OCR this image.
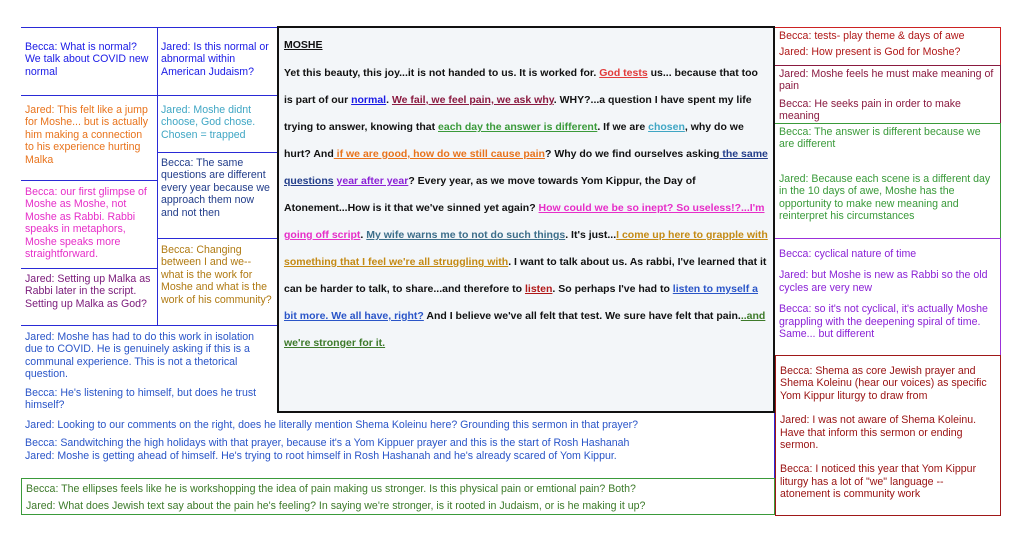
Becca: What is normal? We talk about COVID new normal
Jared: Is this normal or abnormal within American Judaism?
Jared: This felt like a jump for Moshe... but is actually him making a connection to his experience hurting Malka
Jared: Moshe didnt choose, God chose. Chosen = trapped
Becca: The same questions are different every year because we approach them now and not then
Becca: our first glimpse of Moshe as Moshe, not Moshe as Rabbi. Rabbi speaks in metaphors, Moshe speaks more straightforward.	Becca: Changing between I and we-- what is the work for Moshe and what is the work of his community?
Jared: Setting up Malka as Rabbi later in the script. Setting up Malka as God?

Jared: Moshe has had to do this work in isolation due to COVID. He is genuinely asking if this is a communal experience. This is not a thetorical question.

Becca: He's listening to himself, but does he trust himself?

Jared: Looking to our comments on the right, does he literally mention Shema Koleinu here? Grounding this sermon in that prayer?

Becca: Sandwitching the high holidays with that prayer, because it's a Yom Kippuer prayer and this is the start of Rosh Hashanah

Jared: Moshe is getting ahead of himself. He's trying to root himself in Rosh Hashanah and he's already scared of Yom Kippur.

Becca: The ellipses feels like he is workshopping the idea of pain making us stronger. Is this physical pain or emtional pain? Both?

Jared: What does Jewish text say about the pain he's feeling? In saying we're stronger, is it rooted in Judaism, or is he making it up?

MOSHE
Yet this beauty, this joy...it is not handed to us. It is worked for. God tests us... because that too is part of our normal. We fail, we feel pain, we ask why. WHY?...a question I have spent my life trying to answer, knowing that each day the answer is different. If we are chosen, why do we hurt? And if we are good, how do we still cause pain? Why do we find ourselves asking the same questions year after year? Every year, as we move towards Yom Kippur, the Day of Atonement...How is it that we've sinned yet again? How could we be so inept? So useless!?...I'm going off script. My wife warns me to not do such things. It's just...I come up here to grapple with something that I feel we're all struggling with. I want to talk about us. As rabbi, I've learned that it can be harder to talk, to share...and therefore to listen. So perhaps I've had to listen to myself a bit more. We all have, right? And I believe we've all felt that test. We sure have felt that pain...and we're stronger for it.

Becca: tests- play theme & days of awe

Jared: How present is God for Moshe?

Jared: Moshe feels he must make meaning of pain

Becca: He seeks pain in order to make meaning

Becca: The answer is different because we are different

Jared: Because each scene is a different day in the 10 days of awe, Moshe has the opportunity to make new meaning and reinterpret his circumstances

Becca: cyclical nature of time

Jared: but Moshe is new as Rabbi so the old cycles are very new

Becca: so it's not cyclical, it's actually Moshe grappling with the deepening spiral of time. Same... but different

Becca: Shema as core Jewish prayer and Shema Koleinu (hear our voices) as specific Yom Kippur liturgy to draw from

Jared: I was not aware of Shema Koleinu. Have that inform this sermon or ending sermon.

Becca: I noticed this year that Yom Kippur liturgy has a lot of "we" language -- atonement is community work
